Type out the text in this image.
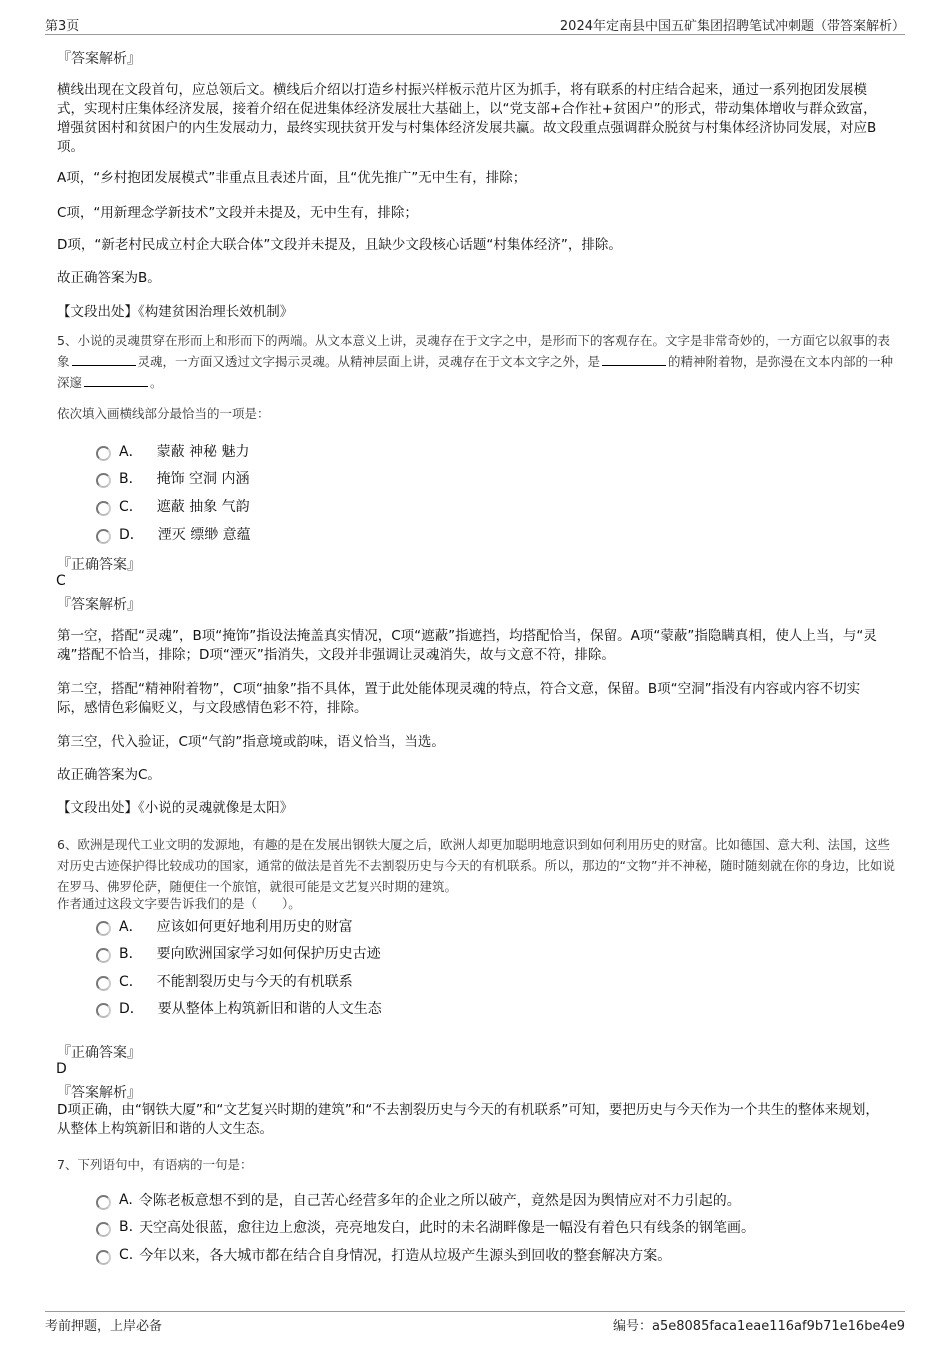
第3页	2024年定南县中国五矿集团招聘笔试冲刺题（带答案解析）
『答案解析』
横线出现在文段首句，应总领后文。横线后介绍以打造乡村振兴样板示范片区为抓手，将有联系的村庄结合起来，通过一系列抱团发展模式，实现村庄集体经济发展，接着介绍在促进集体经济发展壮大基础上，以“党支部+合作社+贫困户”的形式，带动集体增收与群众致富，增强贫困村和贫困户的内生发展动力，最终实现扶贫开发与村集体经济发展共赢。故文段重点强调群众脱贫与村集体经济协同发展，对应B项。
A项，“乡村抱团发展模式”非重点且表述片面，且“优先推广”无中生有，排除；
C项，“用新理念学新技术”文段并未提及，无中生有，排除；
D项，“新老村民成立村企大联合体”文段并未提及，且缺少文段核心话题“村集体经济”，排除。
故正确答案为B。
【文段出处】《构建贫困治理长效机制》
5、小说的灵魂贯穿在形而上和形而下的两端。从文本意义上讲，灵魂存在于文字之中，是形而下的客观存在。文字是非常奇妙的，一方面它以叙事的表象	灵魂，一方面又透过文字揭示灵魂。从精神层面上讲，灵魂存在于文本文字之外，是	的精神附着物，是弥漫在文本内部的一种深邃	。
依次填入画横线部分最恰当的一项是：
A． 蒙蔽 神秘 魅力
B． 掩饰 空洞 内涵
C． 遮蔽 抽象 气韵
D． 湮灭 缥缈 意蕴
『正确答案』
C
『答案解析』
第一空，搭配“灵魂”，B项“掩饰”指设法掩盖真实情况，C项“遮蔽”指遮挡，均搭配恰当，保留。A项“蒙蔽”指隐瞒真相，使人上当，与“灵魂”搭配不恰当，排除；D项“湮灭”指消失，文段并非强调让灵魂消失，故与文意不符，排除。
第二空，搭配“精神附着物”，C项“抽象”指不具体，置于此处能体现灵魂的特点，符合文意，保留。B项“空洞”指没有内容或内容不切实际，感情色彩偏贬义，与文段感情色彩不符，排除。
第三空，代入验证，C项“气韵”指意境或韵味，语义恰当，当选。
故正确答案为C。
【文段出处】《小说的灵魂就像是太阳》
6、欧洲是现代工业文明的发源地，有趣的是在发展出钢铁大厦之后，欧洲人却更加聪明地意识到如何利用历史的财富。比如德国、意大利、法国，这些对历史古迹保护得比较成功的国家，通常的做法是首先不去割裂历史与今天的有机联系。所以，那边的“文物”并不神秘，随时随刻就在你的身边，比如说在罗马、佛罗伦萨，随便住一个旅馆，就很可能是文艺复兴时期的建筑。
作者通过这段文字要告诉我们的是（　　）。
A． 应该如何更好地利用历史的财富
B． 要向欧洲国家学习如何保护历史古迹
C． 不能割裂历史与今天的有机联系
D． 要从整体上构筑新旧和谐的人文生态
『正确答案』
D
『答案解析』
D项正确，由“钢铁大厦”和“文艺复兴时期的建筑”和“不去割裂历史与今天的有机联系”可知，要把历史与今天作为一个共生的整体来规划，从整体上构筑新旧和谐的人文生态。
7、下列语句中，有语病的一句是：
A. 令陈老板意想不到的是，自己苦心经营多年的企业之所以破产，竟然是因为舆情应对不力引起的。
B. 天空高处很蓝，愈往边上愈淡，亮亮地发白，此时的未名湖畔像是一幅没有着色只有线条的钢笔画。
C. 今年以来，各大城市都在结合自身情况，打造从垃圾产生源头到回收的整套解决方案。
考前押题，上岸必备	编号：a5e8085faca1eae116af9b71e16be4e9
